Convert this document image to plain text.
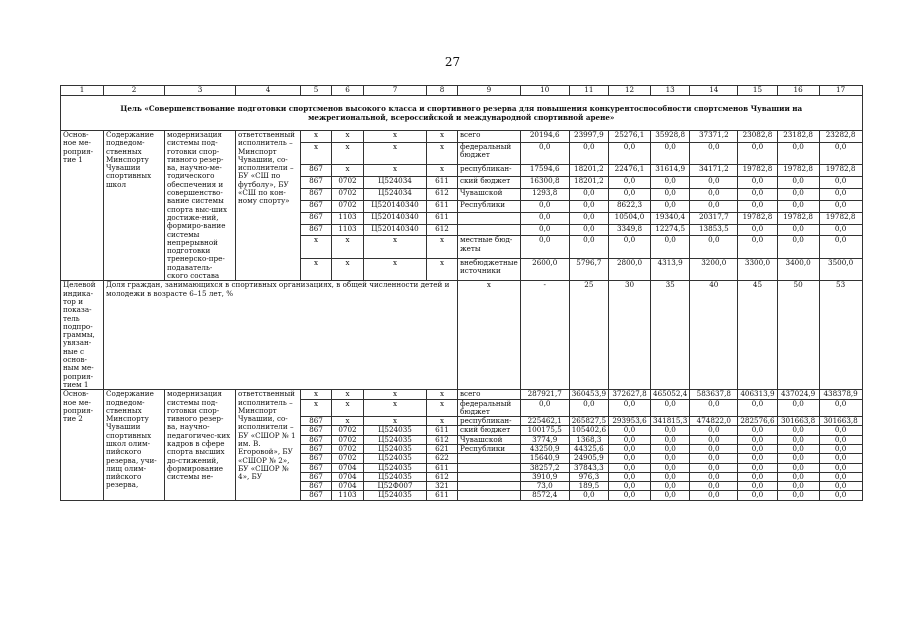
27
1	2	3	4	5	6	7	8	9	10	11	12	13	14	15	16	17
Цель «Совершенствование подготовки спортсменов высокого класса и спортивного резерва для повышения конкурентоспособности спортсменов Чувашии на межрегиональной, всероссийской и международной спортивной арене»																
Основ-ное ме-роприя-тие 1	Содержание подведом-ственных Минспорту Чувашии спортивных школ	модернизация системы под-готовки спор-тивного резер-ва, научно-ме-тодического обеспечения и совершенство-вание системы спорта выс-ших достиже-ний, формиро-вание системы непрерывной подготовки тренерско-пре-подаватель-ского состава	ответственный исполнитель – Минспорт Чувашии, со-исполнители – БУ «СШ по футболу», БУ «СШ по кон-ному спорту»	x	x	x	x	всего	20194,6	23997,9	25276,1	35928,8	37371,2	23082,8	23182,8	23282,8
				x	x	x	x	федеральный бюджет	0,0	0,0	0,0	0,0	0,0	0,0	0,0	0,0
				867	x	x	x	республикан-	17594,6	18201,2	22476,1	31614,9	34171,2	19782,8	19782,8	19782,8
				867	0702	Ц524034	611	ский бюджет	16300,8	18201,2	0,0	0,0	0,0	0,0	0,0	0,0
				867	0702	Ц524034	612	Чувашской	1293,8	0,0	0,0	0,0	0,0	0,0	0,0	0,0
				867	0702	Ц520140340	611	Республики	0,0	0,0	8622,3	0,0	0,0	0,0	0,0	0,0
				867	1103	Ц520140340	611		0,0	0,0	10504,0	19340,4	20317,7	19782,8	19782,8	19782,8
				867	1103	Ц520140340	612		0,0	0,0	3349,8	12274,5	13853,5	0,0	0,0	0,0
				x	x	x	x	местные бюд-жеты	0,0	0,0	0,0	0,0	0,0	0,0	0,0	0,0
				x	x	x	x	внебюджетные источники	2600,0	5796,7	2800,0	4313,9	3200,0	3300,0	3400,0	3500,0
Целевой индика-тор и показа-тель подпро-граммы, увязан-ные с основ-ным ме-роприя-тием 1	Доля граждан, занимающихся в спортивных организациях, в общей численности детей и молодежи в возрасте 6–15 лет, %							x	-	25	30	35	40	45	50	53
Основ-ное ме-роприя-тие 2	Содержание подведом-ственных Минспорту Чувашии спортивных школ олим-пийского резерва, учи-лищ олим-пийского резерва,	модернизация системы под-готовки спор-тивного резер-ва, научно-педагогичес-ких кадров в сфере спорта высших до-стижений, формирование системы не-	ответственный исполнитель – Минспорт Чувашии, со-исполнители – БУ «СШОР № 1 им. В. Егоровой», БУ «СШОР № 2», БУ «СШОР № 4», БУ	x	x	x	x	всего	287921,7	360453,9	372627,8	465052,4	583637,8	406313,9	437024,9	438378,9
				x	x	x	x	федеральный бюджет	0,0	0,0	0,0	0,0	0,0	0,0	0,0	0,0
				867	x	x	x	республикан-	225462,1	265827,5	293953,6	341815,3	474822,0	282576,6	301663,8	301663,8
				867	0702	Ц524035	611	ский бюджет	100175,5	105402,6	0,0	0,0	0,0	0,0	0,0	0,0
				867	0702	Ц524035	612	Чувашской	3774,9	1368,3	0,0	0,0	0,0	0,0	0,0	0,0
				867	0702	Ц524035	621	Республики	43250,9	44325,6	0,0	0,0	0,0	0,0	0,0	0,0
				867	0702	Ц524035	622		15640,9	24905,9	0,0	0,0	0,0	0,0	0,0	0,0
				867	0704	Ц524035	611		38257,2	37843,3	0,0	0,0	0,0	0,0	0,0	0,0
				867	0704	Ц524035	612		3910,9	976,3	0,0	0,0	0,0	0,0	0,0	0,0
				867	0704	Ц52Ф007	321		73,0	189,5	0,0	0,0	0,0	0,0	0,0	0,0
				867	1103	Ц524035	611		8572,4	0,0	0,0	0,0	0,0	0,0	0,0	0,0
